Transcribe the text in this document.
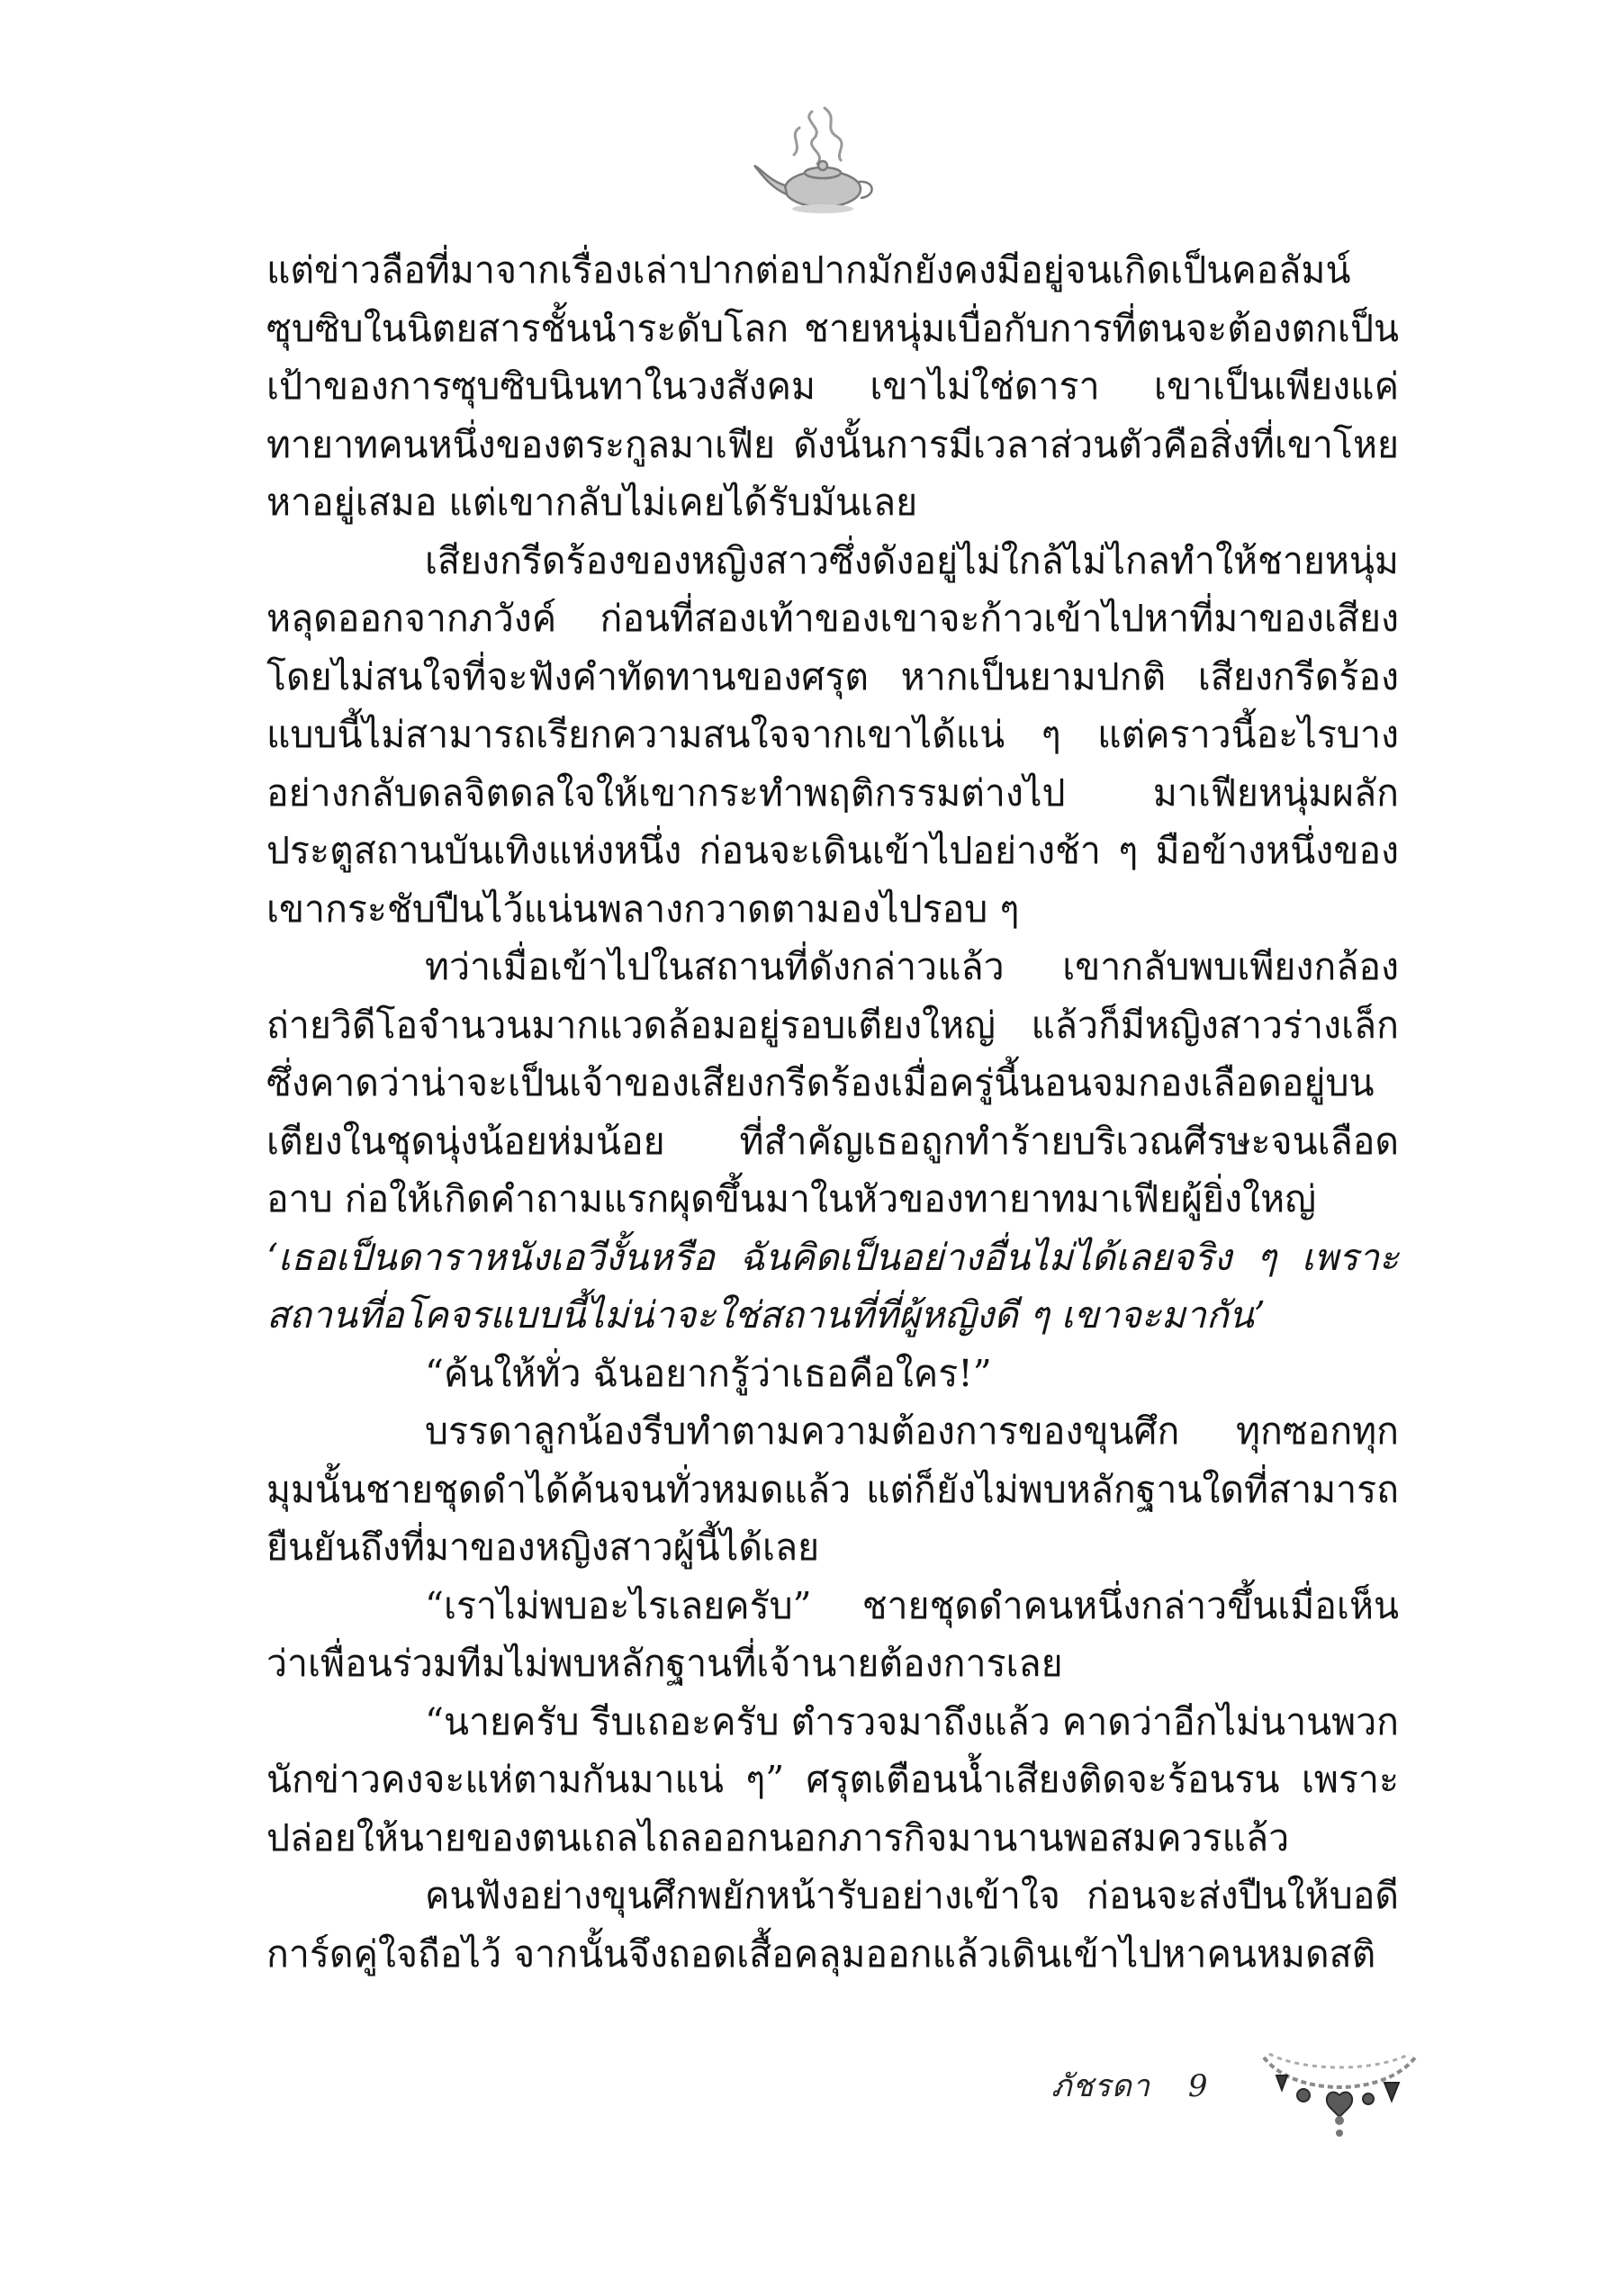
แต่ข่าวลือที่มาจากเรื่องเล่าปากต่อปากมักยังคงมีอยู่จนเกิดเป็นคอลัมน์ซุบซิบในนิตยสารชั้นนำระดับโลก ชายหนุ่มเบื่อกับการที่ตนจะต้องตกเป็นเป้าของการซุบซิบนินทาในวงสังคม เขาไม่ใช่ดารา เขาเป็นเพียงแค่ทายาทคนหนึ่งของตระกูลมาเฟีย ดังนั้นการมีเวลาส่วนตัวคือสิ่งที่เขาโหยหาอยู่เสมอ แต่เขากลับไม่เคยได้รับมันเลย

เสียงกรีดร้องของหญิงสาวซึ่งดังอยู่ไม่ใกล้ไม่ไกลทำให้ชายหนุ่มหลุดออกจากภวังค์ ก่อนที่สองเท้าของเขาจะก้าวเข้าไปหาที่มาของเสียงโดยไม่สนใจที่จะฟังคำทัดทานของศรุต หากเป็นยามปกติ เสียงกรีดร้องแบบนี้ไม่สามารถเรียกความสนใจจากเขาได้แน่ ๆ แต่คราวนี้อะไรบางอย่างกลับดลจิตดลใจให้เขากระทำพฤติกรรมต่างไป มาเฟียหนุ่มผลักประตูสถานบันเทิงแห่งหนึ่ง ก่อนจะเดินเข้าไปอย่างช้า ๆ มือข้างหนึ่งของเขากระชับปืนไว้แน่นพลางกวาดตามองไปรอบ ๆ

ทว่าเมื่อเข้าไปในสถานที่ดังกล่าวแล้ว เขากลับพบเพียงกล้องถ่ายวิดีโอจำนวนมากแวดล้อมอยู่รอบเตียงใหญ่ แล้วก็มีหญิงสาวร่างเล็กซึ่งคาดว่าน่าจะเป็นเจ้าของเสียงกรีดร้องเมื่อครู่นี้นอนจมกองเลือดอยู่บนเตียงในชุดนุ่งน้อยห่มน้อย ที่สำคัญเธอถูกทำร้ายบริเวณศีรษะจนเลือดอาบ ก่อให้เกิดคำถามแรกผุดขึ้นมาในหัวของทายาทมาเฟียผู้ยิ่งใหญ่

‘เธอเป็นดาราหนังเอวีงั้นหรือ ฉันคิดเป็นอย่างอื่นไม่ได้เลยจริง ๆ เพราะสถานที่อโคจรแบบนี้ไม่น่าจะใช่สถานที่ที่ผู้หญิงดี ๆ เขาจะมากัน’

“ค้นให้ทั่ว ฉันอยากรู้ว่าเธอคือใคร!”

บรรดาลูกน้องรีบทำตามความต้องการของขุนศึก ทุกซอกทุกมุมนั้นชายชุดดำได้ค้นจนทั่วหมดแล้ว แต่ก็ยังไม่พบหลักฐานใดที่สามารถยืนยันถึงที่มาของหญิงสาวผู้นี้ได้เลย

“เราไม่พบอะไรเลยครับ” ชายชุดดำคนหนึ่งกล่าวขึ้นเมื่อเห็นว่าเพื่อนร่วมทีมไม่พบหลักฐานที่เจ้านายต้องการเลย

“นายครับ รีบเถอะครับ ตำรวจมาถึงแล้ว คาดว่าอีกไม่นานพวกนักข่าวคงจะแห่ตามกันมาแน่ ๆ” ศรุตเตือนน้ำเสียงติดจะร้อนรน เพราะปล่อยให้นายของตนเถลไถลออกนอกภารกิจมานานพอสมควรแล้ว

คนฟังอย่างขุนศึกพยักหน้ารับอย่างเข้าใจ ก่อนจะส่งปืนให้บอดีการ์ดคู่ใจถือไว้ จากนั้นจึงถอดเสื้อคลุมออกแล้วเดินเข้าไปหาคนหมดสติ

ภัชรดา 9
